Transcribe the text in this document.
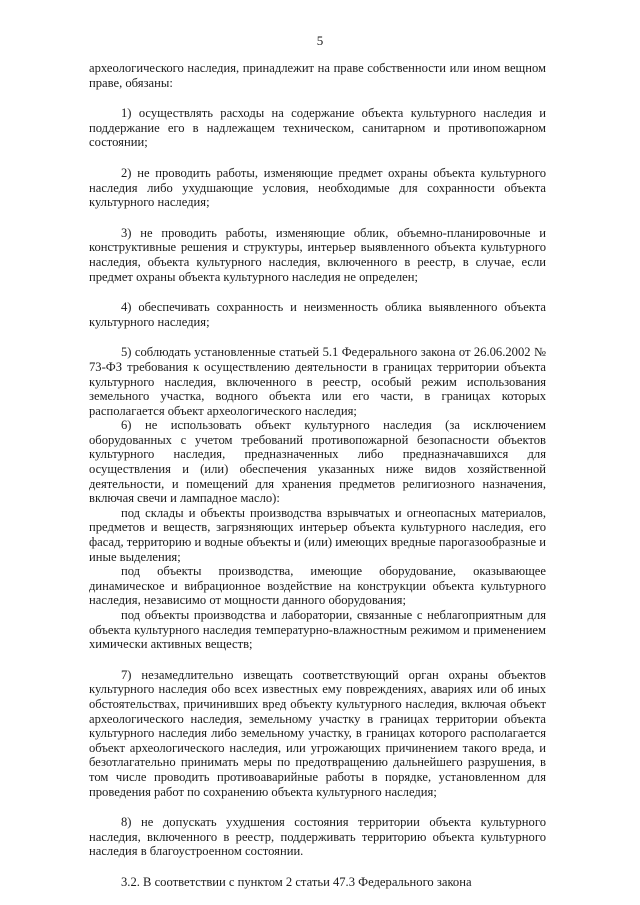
5

археологического наследия, принадлежит на праве собственности или ином вещном праве, обязаны:

1) осуществлять расходы на содержание объекта культурного наследия и поддержание его в надлежащем техническом, санитарном и противопожарном состоянии;

2) не проводить работы, изменяющие предмет охраны объекта культурного наследия либо ухудшающие условия, необходимые для сохранности объекта культурного наследия;

3) не проводить работы, изменяющие облик, объемно-планировочные и конструктивные решения и структуры, интерьер выявленного объекта культурного наследия, объекта культурного наследия, включенного в реестр, в случае, если предмет охраны объекта культурного наследия не определен;

4) обеспечивать сохранность и неизменность облика выявленного объекта культурного наследия;

5) соблюдать установленные статьей 5.1 Федерального закона от 26.06.2002 № 73-ФЗ требования к осуществлению деятельности в границах территории объекта культурного наследия, включенного в реестр, особый режим использования земельного участка, водного объекта или его части, в границах которых располагается объект археологического наследия;

6) не использовать объект культурного наследия (за исключением оборудованных с учетом требований противопожарной безопасности объектов культурного наследия, предназначенных либо предназначавшихся для осуществления и (или) обеспечения указанных ниже видов хозяйственной деятельности, и помещений для хранения предметов религиозного назначения, включая свечи и лампадное масло):

под склады и объекты производства взрывчатых и огнеопасных материалов, предметов и веществ, загрязняющих интерьер объекта культурного наследия, его фасад, территорию и водные объекты и (или) имеющих вредные парогазообразные и иные выделения;

под объекты производства, имеющие оборудование, оказывающее динамическое и вибрационное воздействие на конструкции объекта культурного наследия, независимо от мощности данного оборудования;

под объекты производства и лаборатории, связанные с неблагоприятным для объекта культурного наследия температурно-влажностным режимом и применением химически активных веществ;

7) незамедлительно извещать соответствующий орган охраны объектов культурного наследия обо всех известных ему повреждениях, авариях или об иных обстоятельствах, причинивших вред объекту культурного наследия, включая объект археологического наследия, земельному участку в границах территории объекта культурного наследия либо земельному участку, в границах которого располагается объект археологического наследия, или угрожающих причинением такого вреда, и безотлагательно принимать меры по предотвращению дальнейшего разрушения, в том числе проводить противоаварийные работы в порядке, установленном для проведения работ по сохранению объекта культурного наследия;

8) не допускать ухудшения состояния территории объекта культурного наследия, включенного в реестр, поддерживать территорию объекта культурного наследия в благоустроенном состоянии.

3.2. В соответствии с пунктом 2 статьи 47.3 Федерального закона
